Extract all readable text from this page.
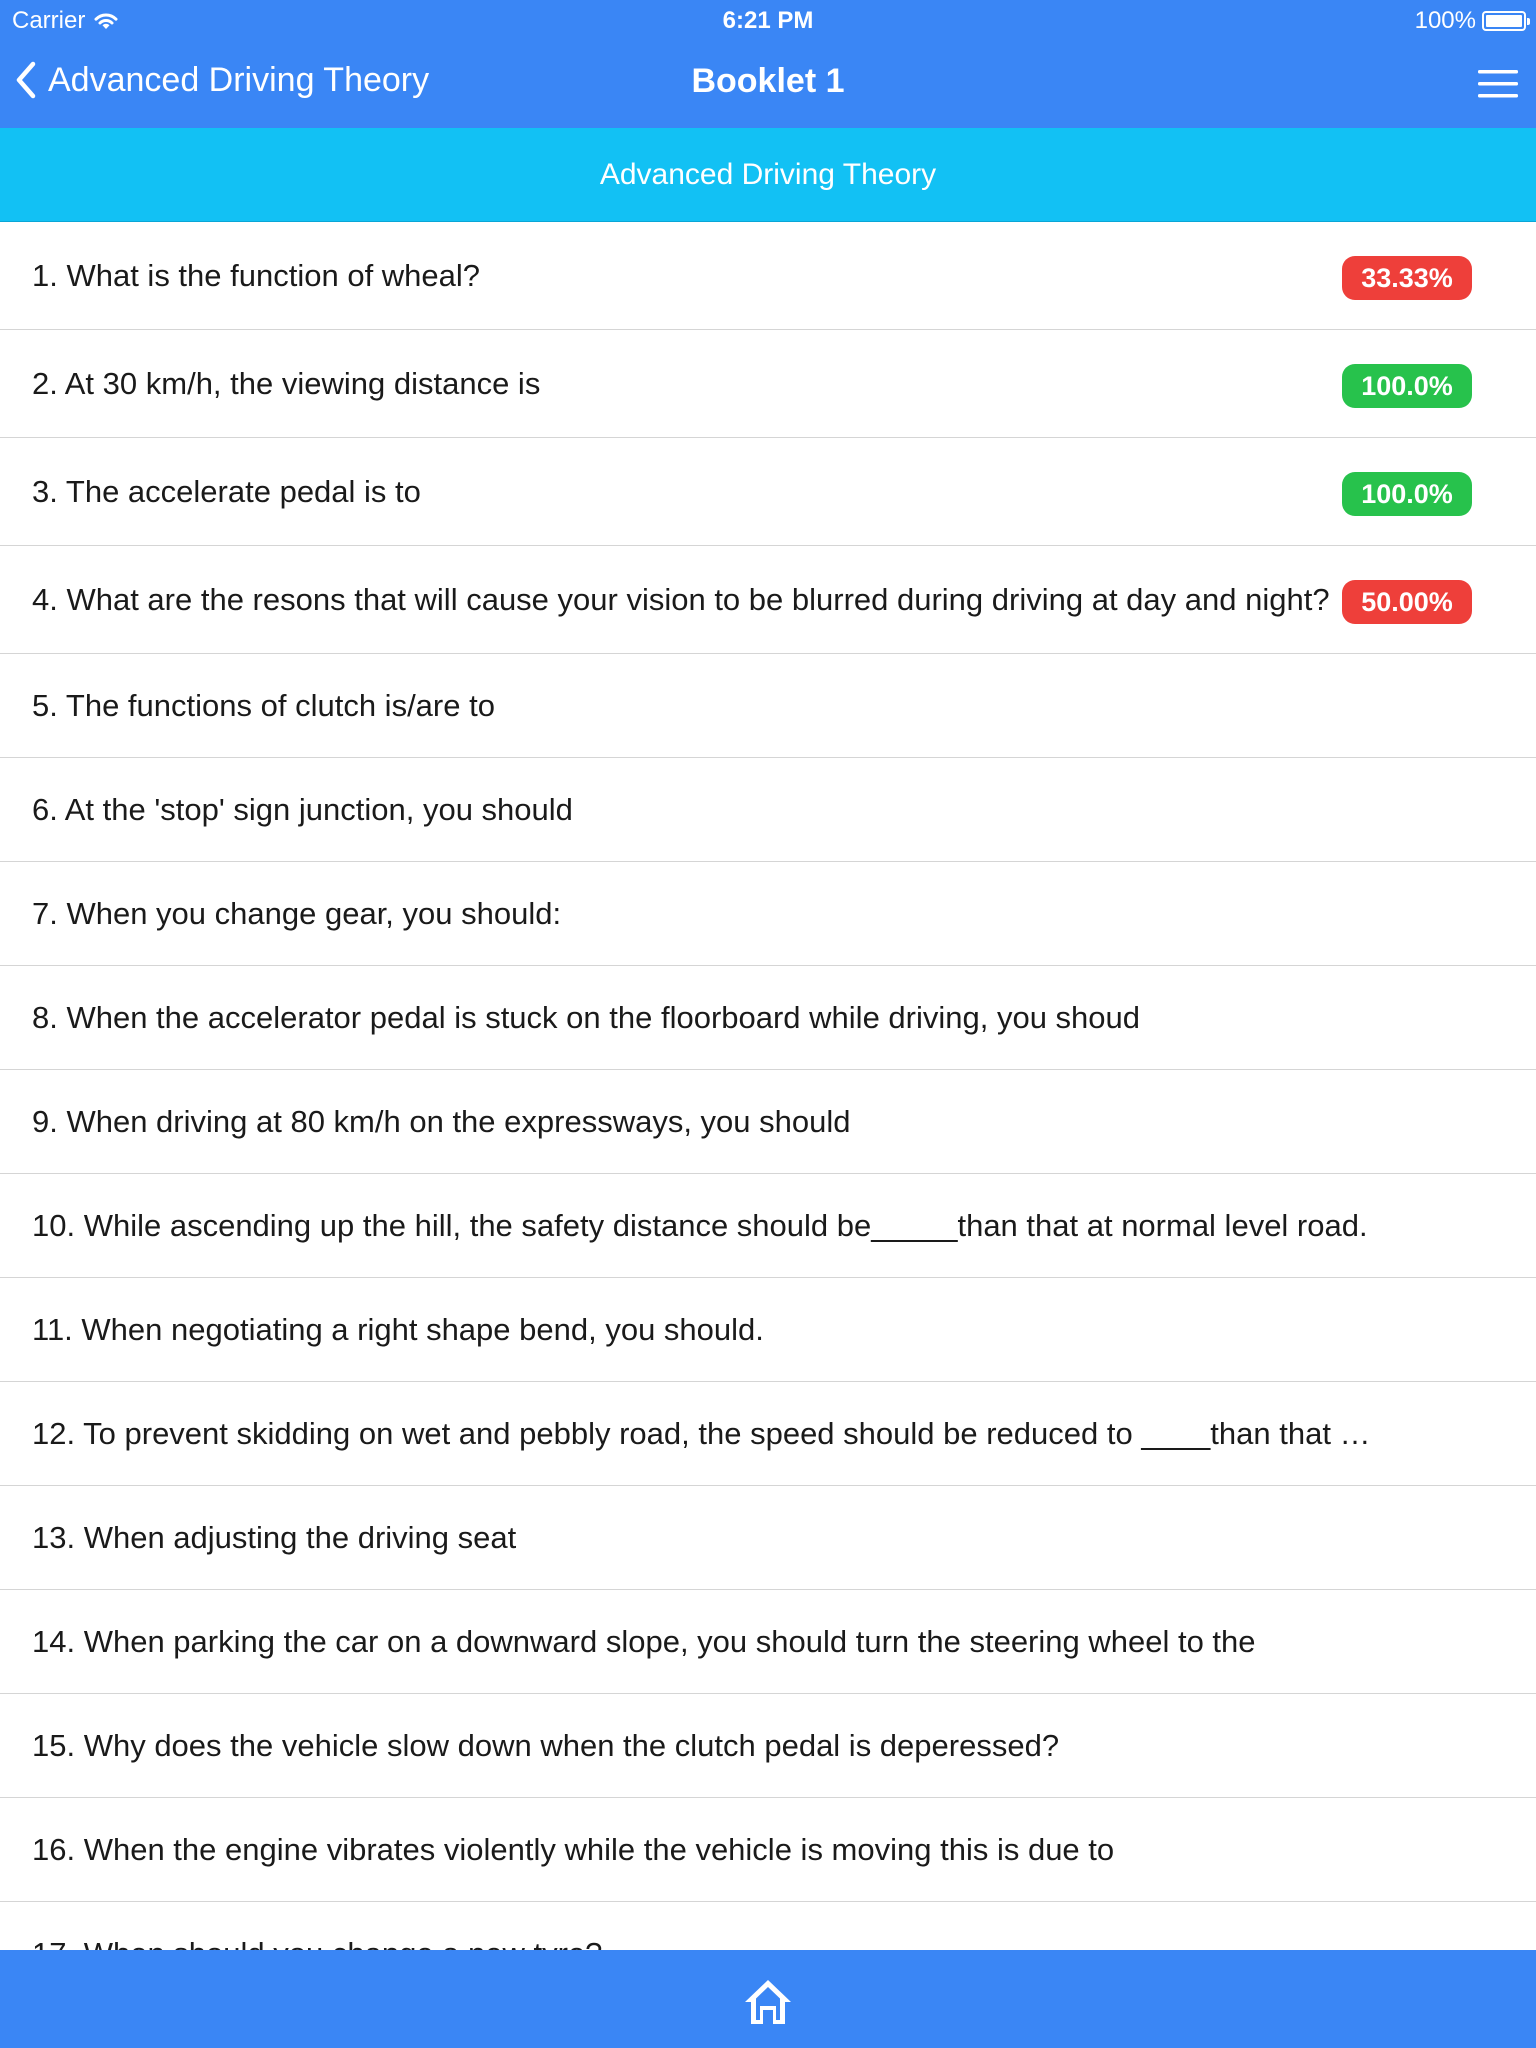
Carrier	6:21 PM	100%
Advanced Driving Theory	Booklet 1
Advanced Driving Theory
1. What is the function of wheal?	33.33%
2. At 30 km/h, the viewing distance is	100.0%
3. The accelerate pedal is to	100.0%
4. What are the resons that will cause your vision to be blurred during driving at day and night?	50.00%
5. The functions of clutch is/are to
6. At the 'stop' sign junction, you should
7. When you change gear, you should:
8. When the accelerator pedal is stuck on the floorboard while driving, you shoud
9. When driving at 80 km/h on the expressways, you should
10. While ascending up the hill, the safety distance should be_____than that at normal level road.
11. When negotiating a right shape bend, you should.
12. To prevent skidding on wet and pebbly road, the speed should be reduced to ____than that …
13. When adjusting the driving seat
14. When parking the car on a downward slope, you should turn the steering wheel to the
15. Why does the vehicle slow down when the clutch pedal is deperessed?
16. When the engine vibrates violently while the vehicle is moving this is due to
